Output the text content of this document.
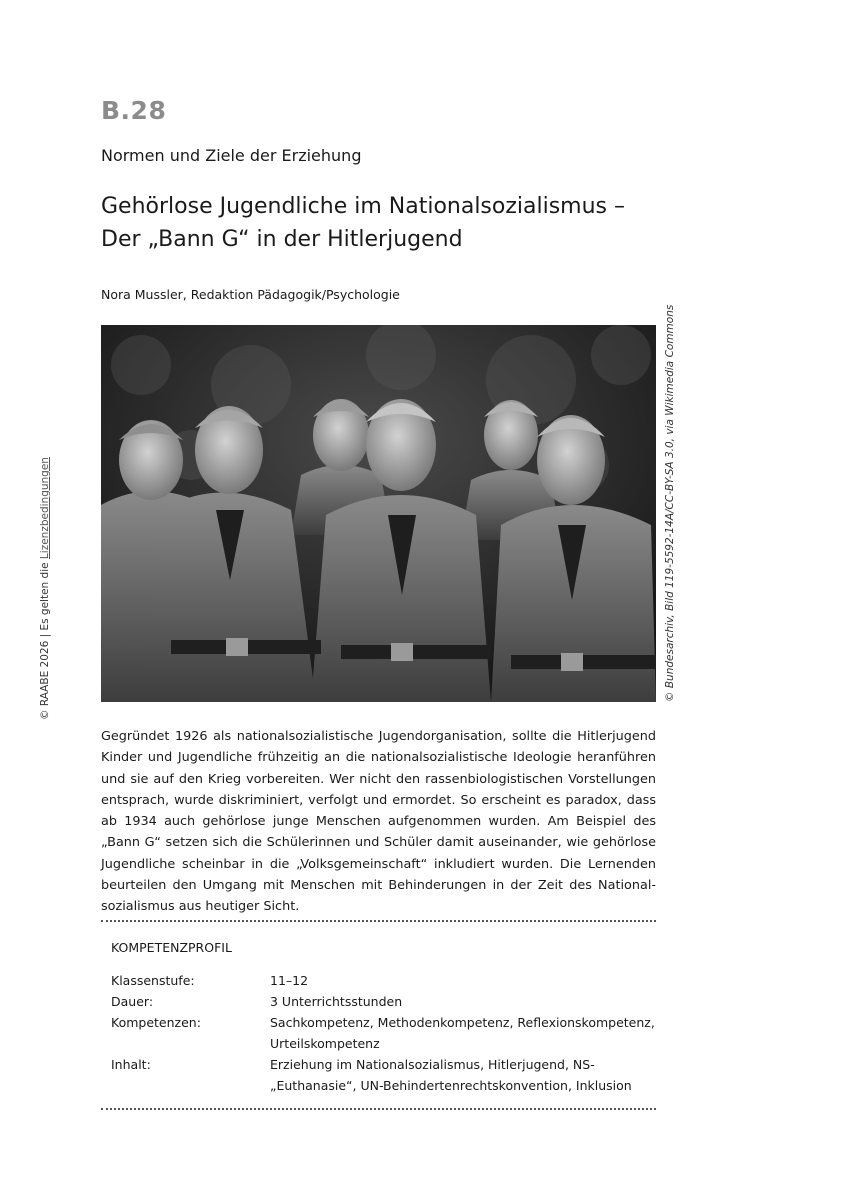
B.28
Normen und Ziele der Erziehung
Gehörlose Jugendliche im Nationalsozialismus –
Der „Bann G“ in der Hitlerjugend
Nora Mussler, Redaktion Pädagogik/Psychologie
© Bundesarchiv, Bild 119-5592-14A/CC-BY-SA 3.0, via Wikimedia Commons
© RAABE 2026 | Es gelten die Lizenzbedingungen
Gegründet 1926 als nationalsozialistische Jugendorganisation, sollte die Hitlerjugend Kinder und Jugendliche frühzeitig an die nationalsozialistische Ideologie heranführen und sie auf den Krieg vorbereiten. Wer nicht den rassenbiologistischen Vorstellungen entsprach, wurde diskriminiert, verfolgt und ermordet. So erscheint es paradox, dass ab 1934 auch gehörlose junge Menschen aufgenommen wurden. Am Beispiel des „Bann G“ setzen sich die Schülerinnen und Schüler damit auseinander, wie gehörlose Jugendliche scheinbar in die „Volksgemeinschaft“ inkludiert wurden. Die Lernenden beurteilen den Umgang mit Menschen mit Behinderungen in der Zeit des National-sozialismus aus heutiger Sicht.
KOMPETENZPROFIL
Klassenstufe:	11–12
Dauer:	3 Unterrichtsstunden
Kompetenzen:	Sachkompetenz, Methodenkompetenz, Reflexionskompetenz, Urteilskompetenz
Inhalt:	Erziehung im Nationalsozialismus, Hitlerjugend, NS-„Euthanasie“, UN-Behindertenrechtskonvention, Inklusion
